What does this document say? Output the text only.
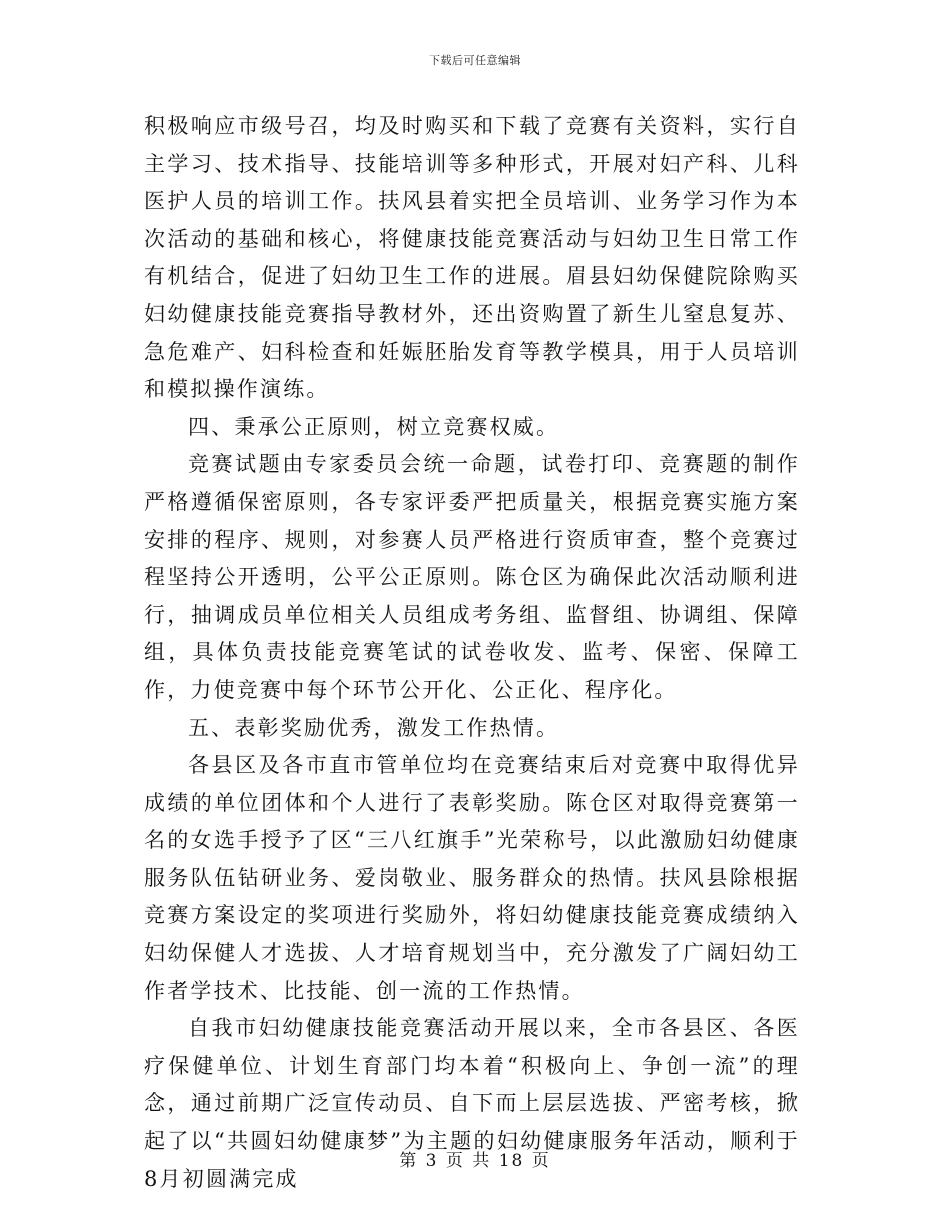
下载后可任意编辑

积极响应市级号召，均及时购买和下载了竞赛有关资料，实行自主学习、技术指导、技能培训等多种形式，开展对妇产科、儿科医护人员的培训工作。扶风县着实把全员培训、业务学习作为本次活动的基础和核心，将健康技能竞赛活动与妇幼卫生日常工作有机结合，促进了妇幼卫生工作的进展。眉县妇幼保健院除购买妇幼健康技能竞赛指导教材外，还出资购置了新生儿窒息复苏、急危难产、妇科检查和妊娠胚胎发育等教学模具，用于人员培训和模拟操作演练。

四、秉承公正原则，树立竞赛权威。

竞赛试题由专家委员会统一命题，试卷打印、竞赛题的制作严格遵循保密原则，各专家评委严把质量关，根据竞赛实施方案安排的程序、规则，对参赛人员严格进行资质审查，整个竞赛过程坚持公开透明，公平公正原则。陈仓区为确保此次活动顺利进行，抽调成员单位相关人员组成考务组、监督组、协调组、保障组，具体负责技能竞赛笔试的试卷收发、监考、保密、保障工作，力使竞赛中每个环节公开化、公正化、程序化。

五、表彰奖励优秀，激发工作热情。

各县区及各市直市管单位均在竞赛结束后对竞赛中取得优异成绩的单位团体和个人进行了表彰奖励。陈仓区对取得竞赛第一名的女选手授予了区“三八红旗手”光荣称号，以此激励妇幼健康服务队伍钻研业务、爱岗敬业、服务群众的热情。扶风县除根据竞赛方案设定的奖项进行奖励外，将妇幼健康技能竞赛成绩纳入妇幼保健人才选拔、人才培育规划当中，充分激发了广阔妇幼工作者学技术、比技能、创一流的工作热情。

自我市妇幼健康技能竞赛活动开展以来，全市各县区、各医疗保健单位、计划生育部门均本着“积极向上、争创一流”的理念，通过前期广泛宣传动员、自下而上层层选拔、严密考核，掀起了以“共圆妇幼健康梦”为主题的妇幼健康服务年活动，顺利于8月初圆满完成

第 3 页 共 18 页
